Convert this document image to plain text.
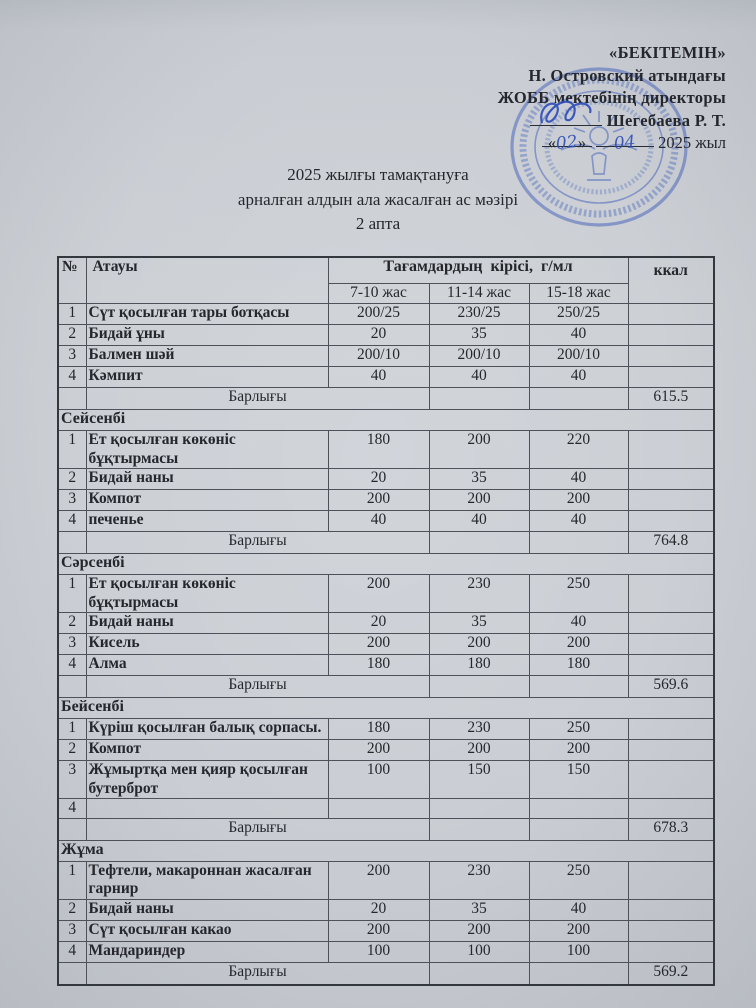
«БЕКІТЕМІН»
Н. Островский атындағы
ЖОББ мектебінің директоры
Шегебаева Р. Т.
«02» 04 2025 жыл
2025 жылғы тамақтануға
арналған алдын ала жасалған ас мәзірі
2 апта
№	Атауы	Тағамдардың кірісі, г/мл			ккал
		7-10 жас	11-14 жас	15-18 жас	
1	Сүт қосылған тары ботқасы	200/25	230/25	250/25	
2	Бидай ұны	20	35	40	
3	Балмен шәй	200/10	200/10	200/10	
4	Кәмпит	40	40	40	
	Барлығы				615.5
Сейсенбі					
1	Ет қосылған көкөніс бұқтырмасы	180	200	220	
2	Бидай наны	20	35	40	
3	Компот	200	200	200	
4	печенье	40	40	40	
	Барлығы				764.8
Сәрсенбі					
1	Ет қосылған көкөніс бұқтырмасы	200	230	250	
2	Бидай наны	20	35	40	
3	Кисель	200	200	200	
4	Алма	180	180	180	
	Барлығы				569.6
Бейсенбі					
1	Күріш қосылған балық сорпасы.	180	230	250	
2	Компот	200	200	200	
3	Жұмыртқа мен қияр қосылған бутерброт	100	150	150	
4					
	Барлығы				678.3
Жұма					
1	Тефтели, макароннан жасалған гарнир	200	230	250	
2	Бидай наны	20	35	40	
3	Сүт қосылған какао	200	200	200	
4	Мандариндер	100	100	100	
	Барлығы				569.2
